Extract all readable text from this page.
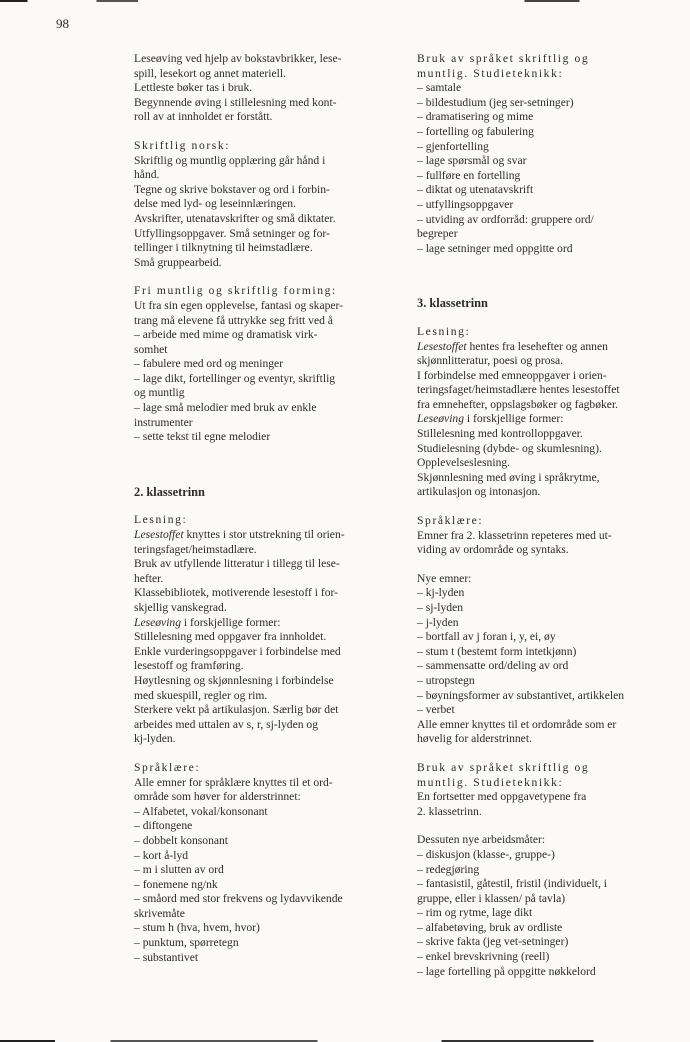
98
Leseøving ved hjelp av bokstavbrikker, lese-
spill, lesekort og annet materiell.
Lettleste bøker tas i bruk.
Begynnende øving i stillelesning med kont-
roll av at innholdet er forstått.
Skriftlig norsk:
Skriftlig og muntlig opplæring går hånd i
hånd.
Tegne og skrive bokstaver og ord i forbin-
delse med lyd- og leseinnlæringen.
Avskrifter, utenatavskrifter og små diktater.
Utfyllingsoppgaver. Små setninger og for-
tellinger i tilknytning til heimstadlære.
Små gruppearbeid.
Fri muntlig og skriftlig forming:
Ut fra sin egen opplevelse, fantasi og skaper-
trang må elevene få uttrykke seg fritt ved å
– arbeide med mime og dramatisk virk-
somhet
– fabulere med ord og meninger
– lage dikt, fortellinger og eventyr, skriftlig
og muntlig
– lage små melodier med bruk av enkle
instrumenter
– sette tekst til egne melodier
2. klassetrinn
Lesning:
Lesestoffet knyttes i stor utstrekning til orien-
teringsfaget/heimstadlære.
Bruk av utfyllende litteratur i tillegg til lese-
hefter.
Klassebibliotek, motiverende lesestoff i for-
skjellig vanskegrad.
Leseøving i forskjellige former:
Stillelesning med oppgaver fra innholdet.
Enkle vurderingsoppgaver i forbindelse med
lesestoff og framføring.
Høytlesning og skjønnlesning i forbindelse
med skuespill, regler og rim.
Sterkere vekt på artikulasjon. Særlig bør det
arbeides med uttalen av s, r, sj-lyden og
kj-lyden.
Språklære:
Alle emner for språklære knyttes til et ord-
område som høver for alderstrinnet:
– Alfabetet, vokal/konsonant
– diftongene
– dobbelt konsonant
– kort å-lyd
– m i slutten av ord
– fonemene ng/nk
– småord med stor frekvens og lydavvikende
skrivemåte
– stum h (hva, hvem, hvor)
– punktum, spørretegn
– substantivet
Bruk av språket skriftlig og
muntlig. Studieteknikk:
– samtale
– bildestudium (jeg ser-setninger)
– dramatisering og mime
– fortelling og fabulering
– gjenfortelling
– lage spørsmål og svar
– fullføre en fortelling
– diktat og utenatavskrift
– utfyllingsoppgaver
– utvidіng av ordforråd: gruppere ord/
begreper
– lage setninger med oppgitte ord
3. klassetrinn
Lesning:
Lesestoffet hentes fra lesehefter og annen
skjønnlitteratur, poesi og prosa.
I forbindelse med emneoppgaver i orien-
teringsfaget/heimstadlære hentes lesestoffet
fra emnehefter, oppslagsbøker og fagbøker.
Leseøving i forskjellige former:
Stillelesning med kontrolloppgaver.
Studielesning (dybde- og skumlesning).
Opplevelseslesning.
Skjønnlesning med øving i språkrytme,
artikulasjon og intonasjon.
Språklære:
Emner fra 2. klassetrinn repeteres med ut-
viding av ordområde og syntaks.
Nye emner:
– kj-lyden
– sj-lyden
– j-lyden
– bortfall av j foran i, y, ei, øy
– stum t (bestemt form intetkjønn)
– sammensatte ord/deling av ord
– utropstegn
– bøyningsformer av substantivet, artikkelen
– verbet
Alle emner knyttes til et ordområde som er
høvelig for alderstrinnet.
Bruk av språket skriftlig og
muntlig. Studieteknikk:
En fortsetter med oppgavetypene fra
2. klassetrinn.
Dessuten nye arbeidsmåter:
– diskusjon (klasse-, gruppe-)
– redegjøring
– fantasistil, gåtestil, fristil (individuelt, i
gruppe, eller i klassen/ på tavla)
– rim og rytme, lage dikt
– alfabetøving, bruk av ordliste
– skrive fakta (jeg vet-setninger)
– enkel brevskrivning (reell)
– lage fortelling på oppgitte nøkkelord
